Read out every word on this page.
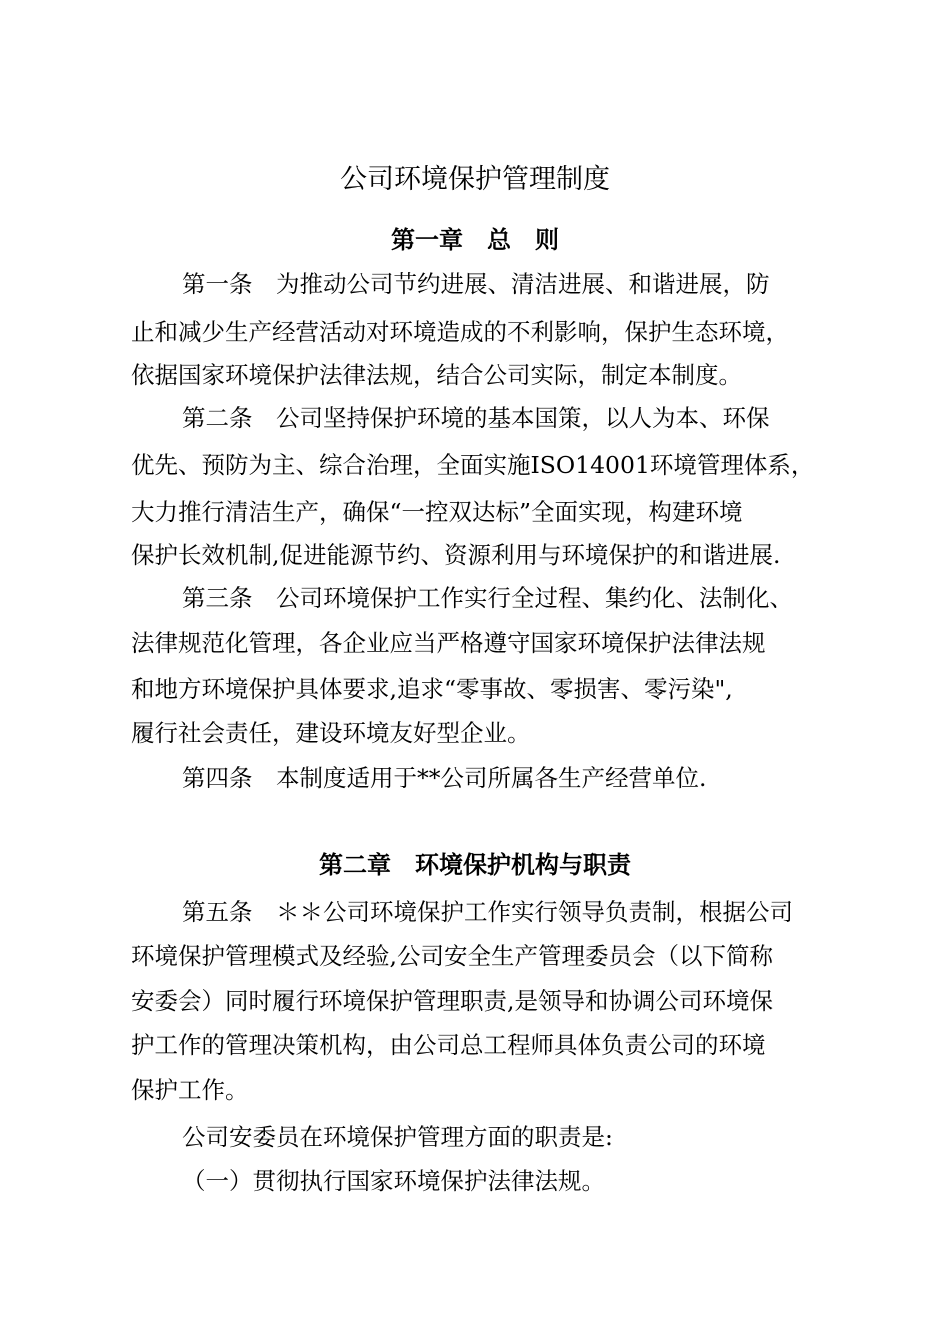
公司环境保护管理制度
第一章　总　则

第一条　为推动公司节约进展、清洁进展、和谐进展，防

止和减少生产经营活动对环境造成的不利影响，保护生态环境，

依据国家环境保护法律法规，结合公司实际，制定本制度。

第二条　公司坚持保护环境的基本国策，以人为本、环保

优先、预防为主、综合治理，全面实施ISO14001环境管理体系，

大力推行清洁生产，确保“一控双达标”全面实现，构建环境

保护长效机制,促进能源节约、资源利用与环境保护的和谐进展.

第三条　公司环境保护工作实行全过程、集约化、法制化、

法律规范化管理，各企业应当严格遵守国家环境保护法律法规

和地方环境保护具体要求,追求“零事故、零损害、零污染",

履行社会责任，建设环境友好型企业。

第四条　本制度适用于**公司所属各生产经营单位.

第二章　环境保护机构与职责

第五条　＊＊公司环境保护工作实行领导负责制，根据公司

环境保护管理模式及经验,公司安全生产管理委员会（以下简称

安委会）同时履行环境保护管理职责,是领导和协调公司环境保

护工作的管理决策机构，由公司总工程师具体负责公司的环境

保护工作。

公司安委员在环境保护管理方面的职责是:

（一）贯彻执行国家环境保护法律法规。
